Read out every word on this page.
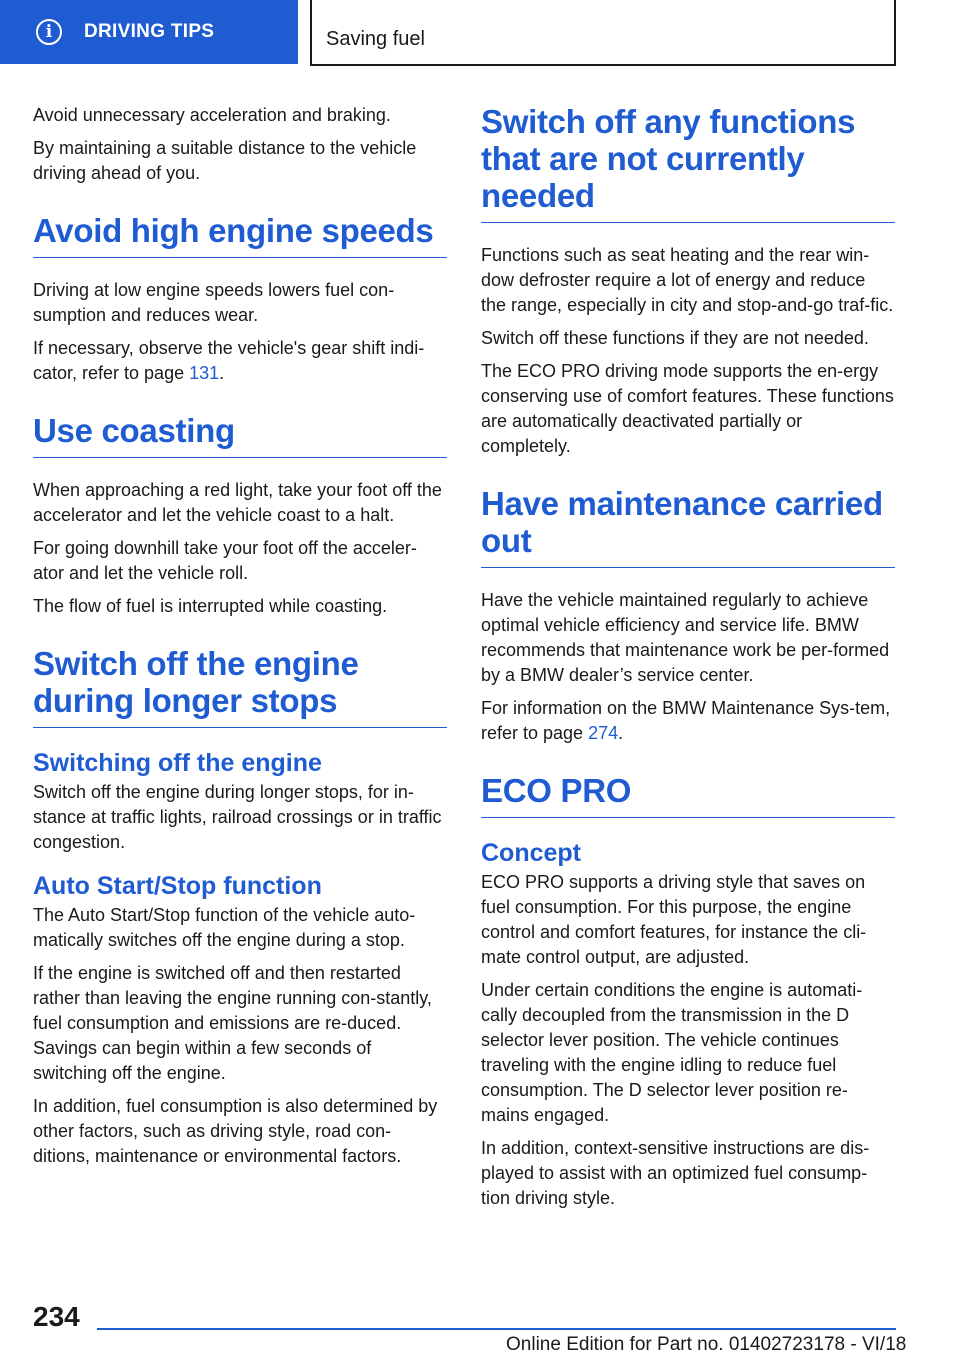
i	DRIVING TIPS	Saving fuel

Avoid unnecessary acceleration and braking.

By maintaining a suitable distance to the vehicle driving ahead of you.

Avoid high engine speeds

Driving at low engine speeds lowers fuel con‐sumption and reduces wear.

If necessary, observe the vehicle's gear shift indi‐cator, refer to page 131.

Use coasting

When approaching a red light, take your foot off the accelerator and let the vehicle coast to a halt.

For going downhill take your foot off the acceler‐ator and let the vehicle roll.

The flow of fuel is interrupted while coasting.

Switch off the engine during longer stops
Switching off the engine

Switch off the engine during longer stops, for in‐stance at traffic lights, railroad crossings or in traffic congestion.

Auto Start/Stop function

The Auto Start/Stop function of the vehicle auto‐matically switches off the engine during a stop.

If the engine is switched off and then restarted rather than leaving the engine running con‐stantly, fuel consumption and emissions are re‐duced. Savings can begin within a few seconds of switching off the engine.

In addition, fuel consumption is also determined by other factors, such as driving style, road con‐ditions, maintenance or environmental factors.

Switch off any functions that are not currently needed

Functions such as seat heating and the rear win‐dow defroster require a lot of energy and reduce the range, especially in city and stop-and-go traf‐fic.

Switch off these functions if they are not needed.

The ECO PRO driving mode supports the en‐ergy conserving use of comfort features. These functions are automatically deactivated partially or completely.

Have maintenance carried out

Have the vehicle maintained regularly to achieve optimal vehicle efficiency and service life. BMW recommends that maintenance work be per‐formed by a BMW dealer’s service center.

For information on the BMW Maintenance Sys‐tem, refer to page 274.

ECO PRO
Concept

ECO PRO supports a driving style that saves on fuel consumption. For this purpose, the engine control and comfort features, for instance the cli‐mate control output, are adjusted.

Under certain conditions the engine is automati‐cally decoupled from the transmission in the D selector lever position. The vehicle continues traveling with the engine idling to reduce fuel consumption. The D selector lever position re‐mains engaged.

In addition, context-sensitive instructions are dis‐played to assist with an optimized fuel consump‐tion driving style.

234
Online Edition for Part no. 01402723178 - VI/18
